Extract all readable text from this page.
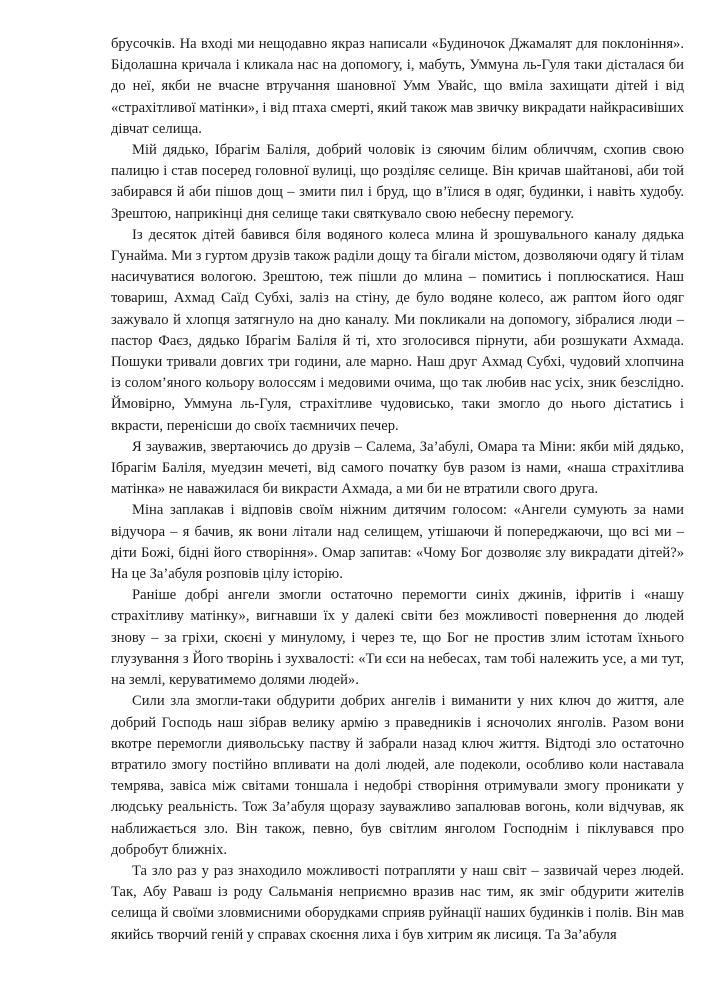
брусочків. На вході ми нещодавно якраз написали «Будиночок Джамалят для поклоніння». Бідолашна кричала і кликала нас на допомогу, і, мабуть, Уммуна ль-Гуля таки дісталася би до неї, якби не вчасне втручання шановної Умм Увайс, що вміла захищати дітей і від «страхітливої матінки», і від птаха смерті, який також мав звичку викрадати найкрасивіших дівчат селища.

Мій дядько, Ібрагім Баліля, добрий чоловік із сяючим білим обличчям, схопив свою палицю і став посеред головної вулиці, що розділяє селище. Він кричав шайтанові, аби той забирався й аби пішов дощ – змити пил і бруд, що в’їлися в одяг, будинки, і навіть худобу. Зрештою, наприкінці дня селище таки святкувало свою небесну перемогу.

Із десяток дітей бавився біля водяного колеса млина й зрошувального каналу дядька Гунайма. Ми з гуртом друзів також раділи дощу та бігали містом, дозволяючи одягу й тілам насичуватися вологою. Зрештою, теж пішли до млина – помитись і поплюскатися. Наш товариш, Ахмад Саїд Субхі, заліз на стіну, де було водяне колесо, аж раптом його одяг зажувало й хлопця затягнуло на дно каналу. Ми покликали на допомогу, зібралися люди – пастор Фаєз, дядько Ібрагім Баліля й ті, хто зголосився пірнути, аби розшукати Ахмада. Пошуки тривали довгих три години, але марно. Наш друг Ахмад Субхі, чудовий хлопчина із солом’яного кольору волоссям і медовими очима, що так любив нас усіх, зник безслідно. Ймовірно, Уммуна ль-Гуля, страхітливе чудовисько, таки змогло до нього дістатись і вкрасти, перенісши до своїх таємничих печер.

Я зауважив, звертаючись до друзів – Салема, За’абулі, Омара та Міни: якби мій дядько, Ібрагім Баліля, муедзин мечеті, від самого початку був разом із нами, «наша страхітлива матінка» не наважилася би викрасти Ахмада, а ми би не втратили свого друга.

Міна заплакав і відповів своїм ніжним дитячим голосом: «Ангели сумують за нами відучора – я бачив, як вони літали над селищем, утішаючи й попереджаючи, що всі ми – діти Божі, бідні його створіння». Омар запитав: «Чому Бог дозволяє злу викрадати дітей?» На це За’абуля розповів цілу історію.

Раніше добрі ангели змогли остаточно перемогти синіх джинів, іфритів і «нашу страхітливу матінку», вигнавши їх у далекі світи без можливості повернення до людей знову – за гріхи, скоєні у минулому, і через те, що Бог не простив злим істотам їхнього глузування з Його творінь і зухвалості: «Ти єси на небесах, там тобі належить усе, а ми тут, на землі, керуватимемо долями людей».

Сили зла змогли-таки обдурити добрих ангелів і виманити у них ключ до життя, але добрий Господь наш зібрав велику армію з праведників і ясночолих янголів. Разом вони вкотре перемогли диявольську паству й забрали назад ключ життя. Відтоді зло остаточно втратило змогу постійно впливати на долі людей, але подеколи, особливо коли наставала темрява, завіса між світами тоншала і недобрі створіння отримували змогу проникати у людську реальність. Тож За’абуля щоразу зауважливо запалював вогонь, коли відчував, як наближається зло. Він також, певно, був світлим янголом Господнім і піклувався про добробут ближніх.

Та зло раз у раз знаходило можливості потрапляти у наш світ – зазвичай через людей. Так, Абу Раваш із роду Сальманія неприємно вразив нас тим, як зміг обдурити жителів селища й своїми зловмисними оборудками сприяв руйнації наших будинків і полів. Він мав якийсь творчий геній у справах скоєння лиха і був хитрим як лисиця. Та За’абуля
